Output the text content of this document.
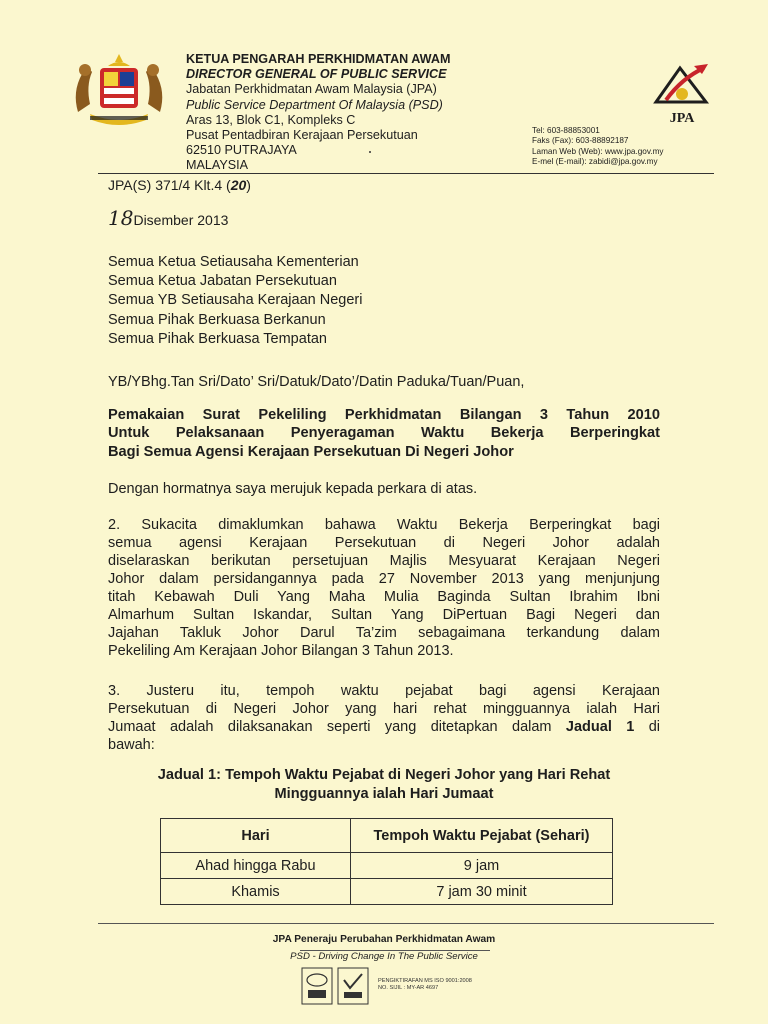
KETUA PENGARAH PERKHIDMATAN AWAM
DIRECTOR GENERAL OF PUBLIC SERVICE
Jabatan Perkhidmatan Awam Malaysia (JPA)
Public Service Department Of Malaysia (PSD)
Aras 13, Blok C1, Kompleks C
Pusat Pentadbiran Kerajaan Persekutuan
62510 PUTRAJAYA
MALAYSIA
JPA
Tel: 603-88853001
Faks (Fax): 603-88892187
Laman Web (Web): www.jpa.gov.my
E-mel (E-mail): zabidi@jpa.gov.my
JPA(S) 371/4 Klt.4 (20)
18Disember 2013
Semua Ketua Setiausaha Kementerian
Semua Ketua Jabatan Persekutuan
Semua YB Setiausaha Kerajaan Negeri
Semua Pihak Berkuasa Berkanun
Semua Pihak Berkuasa Tempatan
YB/YBhg.Tan Sri/Dato’ Sri/Datuk/Dato’/Datin Paduka/Tuan/Puan,
Pemakaian Surat Pekeliling Perkhidmatan Bilangan 3 Tahun 2010
Untuk Pelaksanaan Penyeragaman Waktu Bekerja Berperingkat
Bagi Semua Agensi Kerajaan Persekutuan Di Negeri Johor
Dengan hormatnya saya merujuk kepada perkara di atas.
2. Sukacita dimaklumkan bahawa Waktu Bekerja Berperingkat bagi
semua agensi Kerajaan Persekutuan di Negeri Johor adalah
diselaraskan berikutan persetujuan Majlis Mesyuarat Kerajaan Negeri
Johor dalam persidangannya pada 27 November 2013 yang menjunjung
titah Kebawah Duli Yang Maha Mulia Baginda Sultan Ibrahim Ibni
Almarhum Sultan Iskandar, Sultan Yang DiPertuan Bagi Negeri dan
Jajahan Takluk Johor Darul Ta’zim sebagaimana terkandung dalam
Pekeliling Am Kerajaan Johor Bilangan 3 Tahun 2013.
3. Justeru itu, tempoh waktu pejabat bagi agensi Kerajaan
Persekutuan di Negeri Johor yang hari rehat mingguannya ialah Hari
Jumaat adalah dilaksanakan seperti yang ditetapkan dalam Jadual 1 di
bawah:
Jadual 1: Tempoh Waktu Pejabat di Negeri Johor yang Hari Rehat
Mingguannya ialah Hari Jumaat
Hari	Tempoh Waktu Pejabat (Sehari)
Ahad hingga Rabu	9 jam
Khamis	7 jam 30 minit
JPA Peneraju Perubahan Perkhidmatan Awam
PSD - Driving Change In The Public Service
PENGIKTIRAFAN MS ISO 9001:2008
NO. SIJIL : MY-AR 4697
